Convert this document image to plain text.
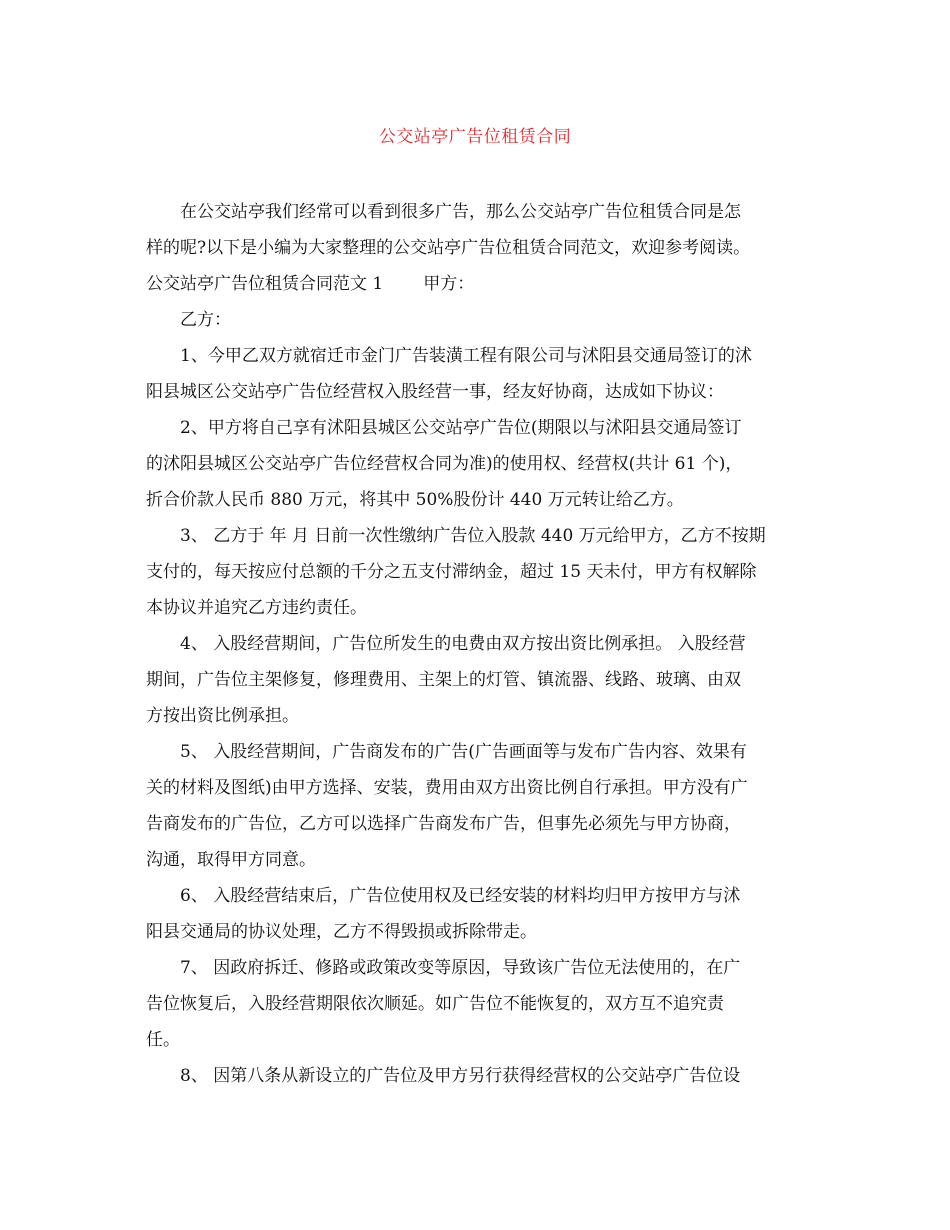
公交站亭广告位租赁合同
在公交站亭我们经常可以看到很多广告，那么公交站亭广告位租赁合同是怎
样的呢?以下是小编为大家整理的公交站亭广告位租赁合同范文，欢迎参考阅读。
公交站亭广告位租赁合同范文 1 甲方：
乙方：
1、今甲乙双方就宿迁市金门广告装潢工程有限公司与沭阳县交通局签订的沭
阳县城区公交站亭广告位经营权入股经营一事，经友好协商，达成如下协议：
2、甲方将自己享有沭阳县城区公交站亭广告位(期限以与沭阳县交通局签订
的沭阳县城区公交站亭广告位经营权合同为准)的使用权、经营权(共计 61 个)，
折合价款人民币 880 万元，将其中 50%股份计 440 万元转让给乙方。
3、 乙方于 年 月 日前一次性缴纳广告位入股款 440 万元给甲方，乙方不按期
支付的，每天按应付总额的千分之五支付滞纳金，超过 15 天未付，甲方有权解除
本协议并追究乙方违约责任。
4、 入股经营期间，广告位所发生的电费由双方按出资比例承担。 入股经营
期间，广告位主架修复，修理费用、主架上的灯管、镇流器、线路、玻璃、由双
方按出资比例承担。
5、 入股经营期间，广告商发布的广告(广告画面等与发布广告内容、效果有
关的材料及图纸)由甲方选择、安装，费用由双方出资比例自行承担。甲方没有广
告商发布的广告位，乙方可以选择广告商发布广告，但事先必须先与甲方协商，
沟通，取得甲方同意。
6、 入股经营结束后，广告位使用权及已经安装的材料均归甲方按甲方与沭
阳县交通局的协议处理，乙方不得毁损或拆除带走。
7、 因政府拆迁、修路或政策改变等原因，导致该广告位无法使用的，在广
告位恢复后，入股经营期限依次顺延。如广告位不能恢复的，双方互不追究责
任。
8、 因第八条从新设立的广告位及甲方另行获得经营权的公交站亭广告位设
